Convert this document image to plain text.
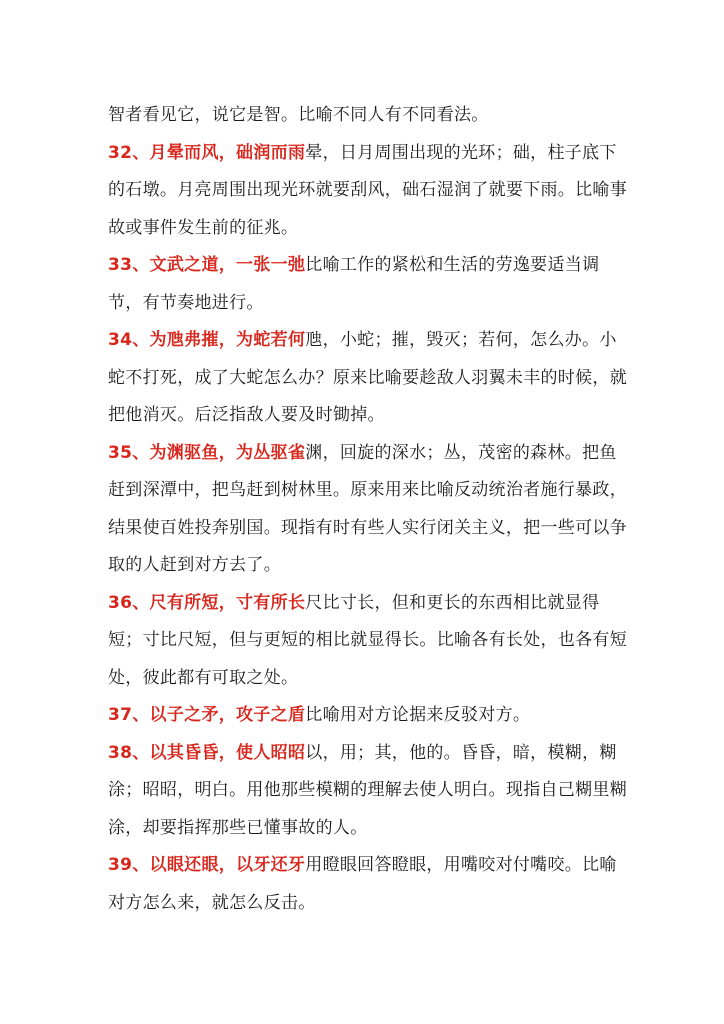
智者看见它，说它是智。比喻不同人有不同看法。

32、月晕而风，础润而雨晕，日月周围出现的光环；础，柱子底下的石墩。月亮周围出现光环就要刮风，础石湿润了就要下雨。比喻事故或事件发生前的征兆。

33、文武之道，一张一弛比喻工作的紧松和生活的劳逸要适当调节，有节奏地进行。

34、为虺弗摧，为蛇若何虺，小蛇；摧，毁灭；若何，怎么办。小蛇不打死，成了大蛇怎么办？原来比喻要趁敌人羽翼未丰的时候，就把他消灭。后泛指敌人要及时锄掉。

35、为渊驱鱼，为丛驱雀渊，回旋的深水；丛，茂密的森林。把鱼赶到深潭中，把鸟赶到树林里。原来用来比喻反动统治者施行暴政，结果使百姓投奔别国。现指有时有些人实行闭关主义，把一些可以争取的人赶到对方去了。

36、尺有所短，寸有所长尺比寸长，但和更长的东西相比就显得短；寸比尺短，但与更短的相比就显得长。比喻各有长处，也各有短处，彼此都有可取之处。

37、以子之矛，攻子之盾比喻用对方论据来反驳对方。

38、以其昏昏，使人昭昭以，用；其，他的。昏昏，暗，模糊，糊涂；昭昭，明白。用他那些模糊的理解去使人明白。现指自己糊里糊涂，却要指挥那些已懂事故的人。

39、以眼还眼，以牙还牙用瞪眼回答瞪眼，用嘴咬对付嘴咬。比喻对方怎么来，就怎么反击。
